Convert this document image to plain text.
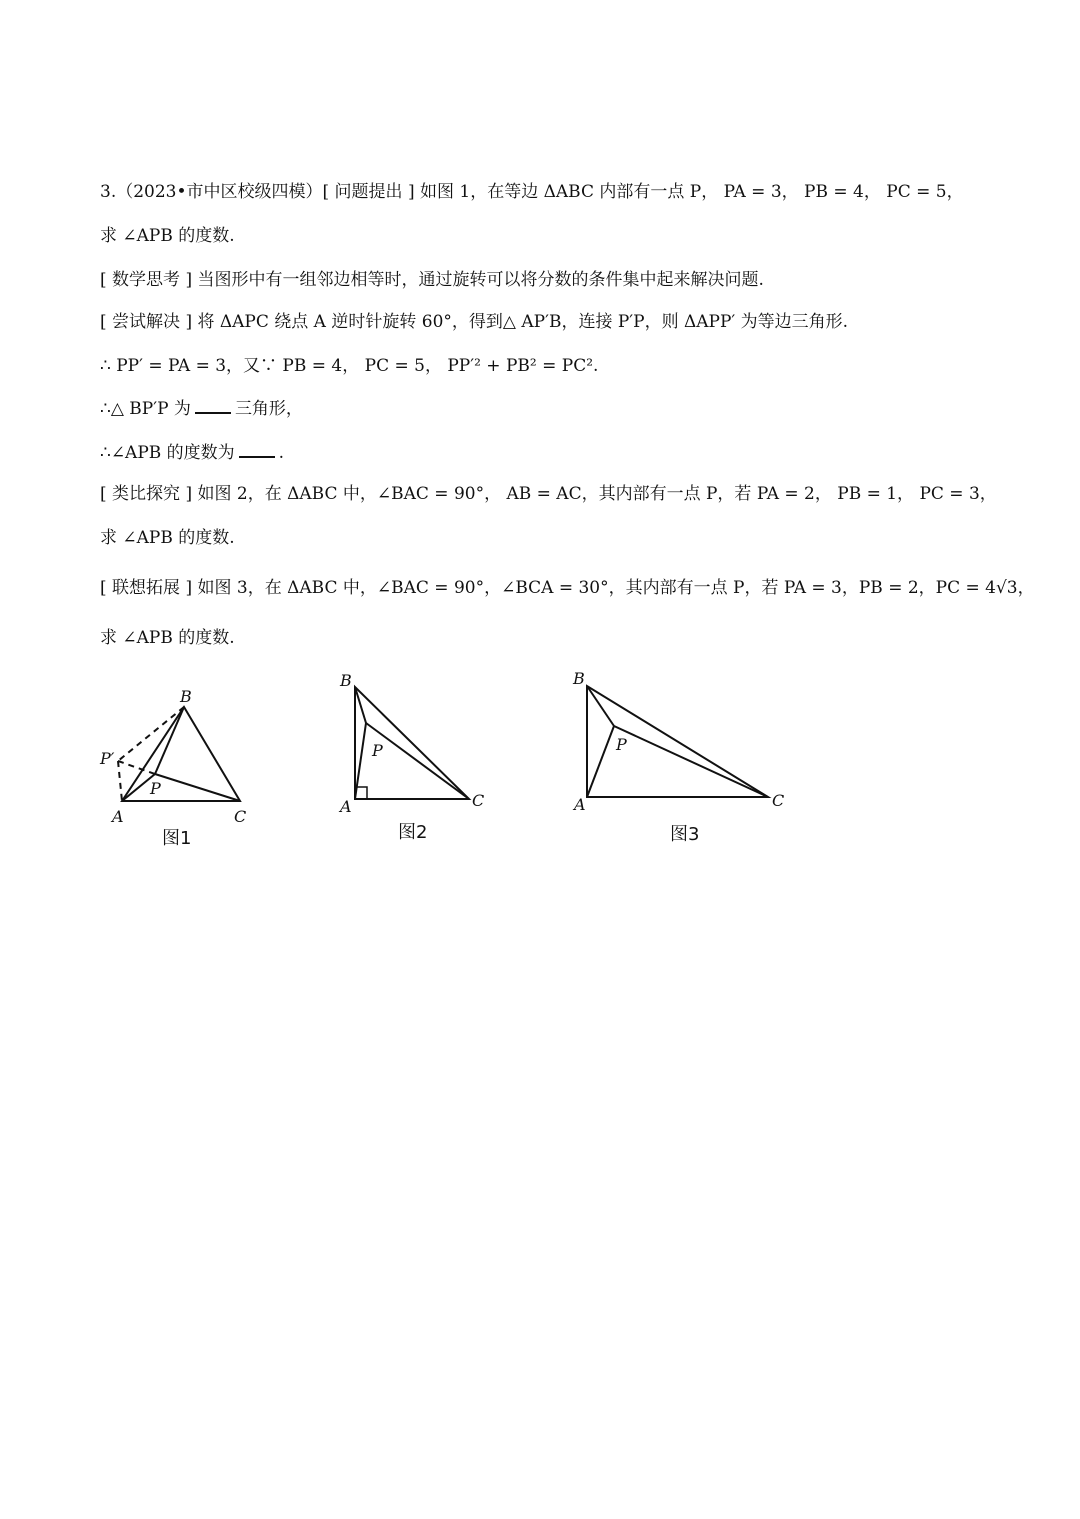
3.（2023•市中区校级四模）[ 问题提出 ] 如图 1，在等边 ΔABC 内部有一点 P， PA = 3， PB = 4， PC = 5，
求 ∠APB 的度数.
[ 数学思考 ] 当图形中有一组邻边相等时，通过旋转可以将分数的条件集中起来解决问题.
[ 尝试解决 ] 将 ΔAPC 绕点 A 逆时针旋转 60°，得到△ AP′B，连接 P′P，则 ΔAPP′ 为等边三角形.
∴ PP′ = PA = 3，又∵ PB = 4， PC = 5， PP′² + PB² = PC².
∴△ BP′P 为	三角形，
∴∠APB 的度数为	.
[ 类比探究 ] 如图 2，在 ΔABC 中，∠BAC = 90°， AB = AC，其内部有一点 P，若 PA = 2， PB = 1， PC = 3，
求 ∠APB 的度数.
[ 联想拓展 ] 如图 3，在 ΔABC 中，∠BAC = 90°，∠BCA = 30°，其内部有一点 P，若 PA = 3，PB = 2，PC = 4√3，
求 ∠APB 的度数.
A
B
C
P
P′
图1
B
A	C
P
图2
B
A	C
P
图3
